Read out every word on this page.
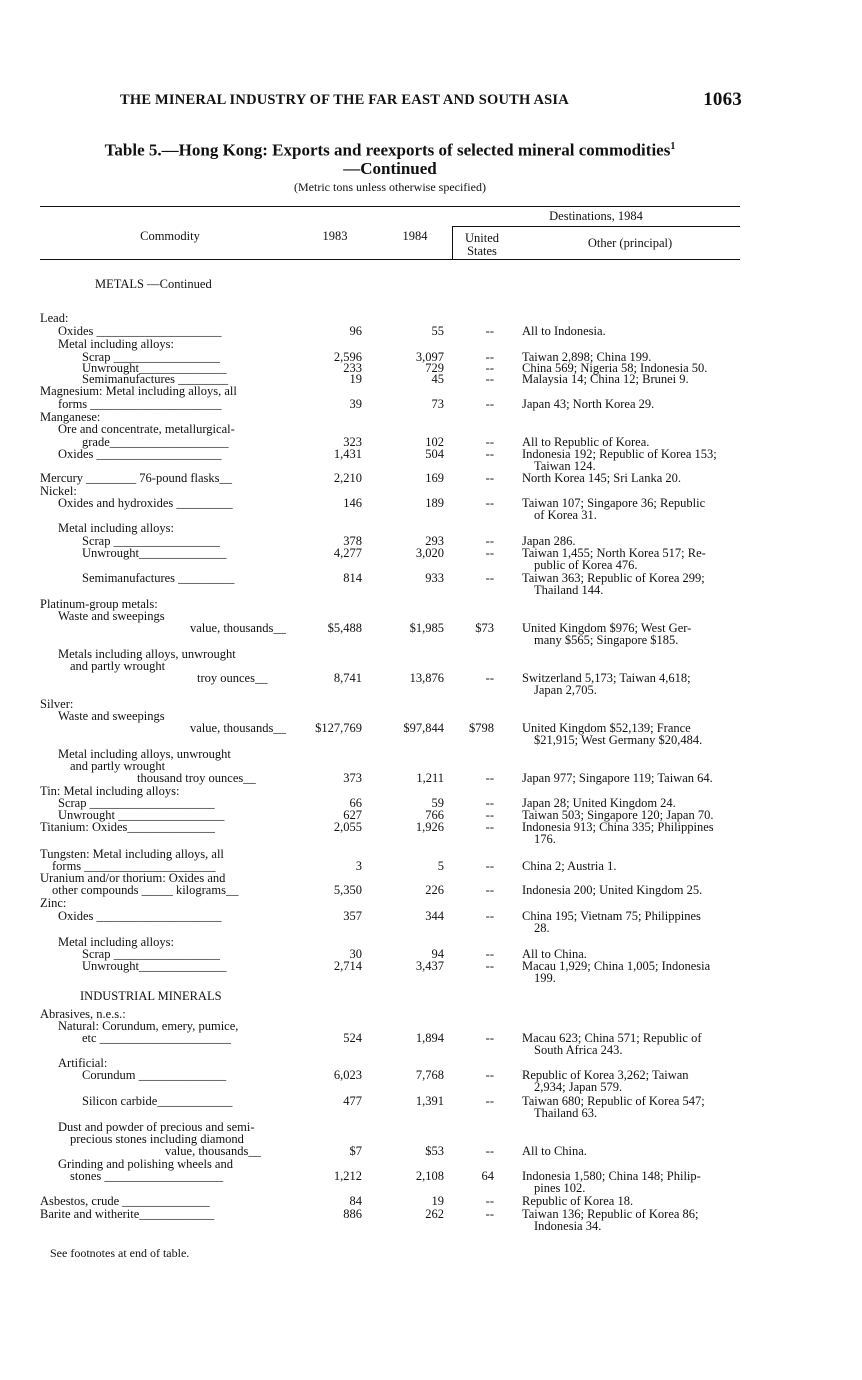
THE MINERAL INDUSTRY OF THE FAR EAST AND SOUTH ASIA	1063
Table 5.—Hong Kong: Exports and reexports of selected mineral commodities$^1$
—Continued
(Metric tons unless otherwise specified)
Destinations, 1984
Commodity	1983	1984	United States
Other (principal)
METALS —Continued
INDUSTRIAL MINERALS
Lead:
Oxides ____________________	96	55	-- All to Indonesia.
Metal including alloys:
Scrap _________________	2,596	3,097	-- Taiwan 2,898; China 199.
Unwrought______________	233	729	-- China 569; Nigeria 58; Indonesia 50.
Semimanufactures ________	19	45	-- Malaysia 14; China 12; Brunei 9.
Magnesium: Metal including alloys, all
forms _____________________	39	73	-- Japan 43; North Korea 29.
Manganese:
Ore and concentrate, metallurgical-
grade___________________	323	102	-- All to Republic of Korea.
Oxides ____________________	1,431	504	-- Indonesia 192; Republic of Korea 153;
Taiwan 124.
Mercury ________ 76-pound flasks__	2,210	169	-- North Korea 145; Sri Lanka 20.
Nickel:
Oxides and hydroxides _________	146	189	-- Taiwan 107; Singapore 36; Republic
of Korea 31.
Metal including alloys:
Scrap _________________	378	293	-- Japan 286.
Unwrought______________	4,277	3,020	-- Taiwan 1,455; North Korea 517; Re-
public of Korea 476.
Semimanufactures _________	814	933	-- Taiwan 363; Republic of Korea 299;
Thailand 144.
Platinum-group metals:
Waste and sweepings
value, thousands__	$5,488	$1,985	$73 United Kingdom $976; West Ger-
many $565; Singapore $185.
Metals including alloys, unwrought
and partly wrought
troy ounces__	8,741	13,876	-- Switzerland 5,173; Taiwan 4,618;
Japan 2,705.
Silver:
Waste and sweepings
value, thousands__ $127,769	$97,844 $798 United Kingdom $52,139; France
$21,915; West Germany $20,484.
Metal including alloys, unwrought
and partly wrought
thousand troy ounces__	373	1,211	-- Japan 977; Singapore 119; Taiwan 64.
Tin: Metal including alloys:
Scrap ____________________	66	59	-- Japan 28; United Kingdom 24.
Unwrought _________________	627	766	-- Taiwan 503; Singapore 120; Japan 70.
Titanium: Oxides______________	2,055	1,926	-- Indonesia 913; China 335; Philippines
176.
Tungsten: Metal including alloys, all
forms _____________________	3	5	-- China 2; Austria 1.
Uranium and/or thorium: Oxides and
other compounds _____ kilograms__	5,350	226	-- Indonesia 200; United Kingdom 25.
Zinc:
Oxides ____________________	357	344	-- China 195; Vietnam 75; Philippines
28.
Metal including alloys:
Scrap _________________	30	94	-- All to China.
Unwrought______________	2,714	3,437	-- Macau 1,929; China 1,005; Indonesia
199.
Abrasives, n.e.s.:
Natural: Corundum, emery, pumice,
etc _____________________	524	1,894	-- Macau 623; China 571; Republic of
South Africa 243.
Artificial:
Corundum ______________	6,023	7,768	-- Republic of Korea 3,262; Taiwan
2,934; Japan 579.
Silicon carbide____________	477	1,391	-- Taiwan 680; Republic of Korea 547;
Thailand 63.
Dust and powder of precious and semi-
precious stones including diamond
value, thousands__	$7	$53	-- All to China.
Grinding and polishing wheels and
stones ___________________	1,212	2,108	64 Indonesia 1,580; China 148; Philip-
pines 102.
Asbestos, crude ______________	84	19	-- Republic of Korea 18.
Barite and witherite____________	886	262	-- Taiwan 136; Republic of Korea 86;
Indonesia 34.
See footnotes at end of table.
